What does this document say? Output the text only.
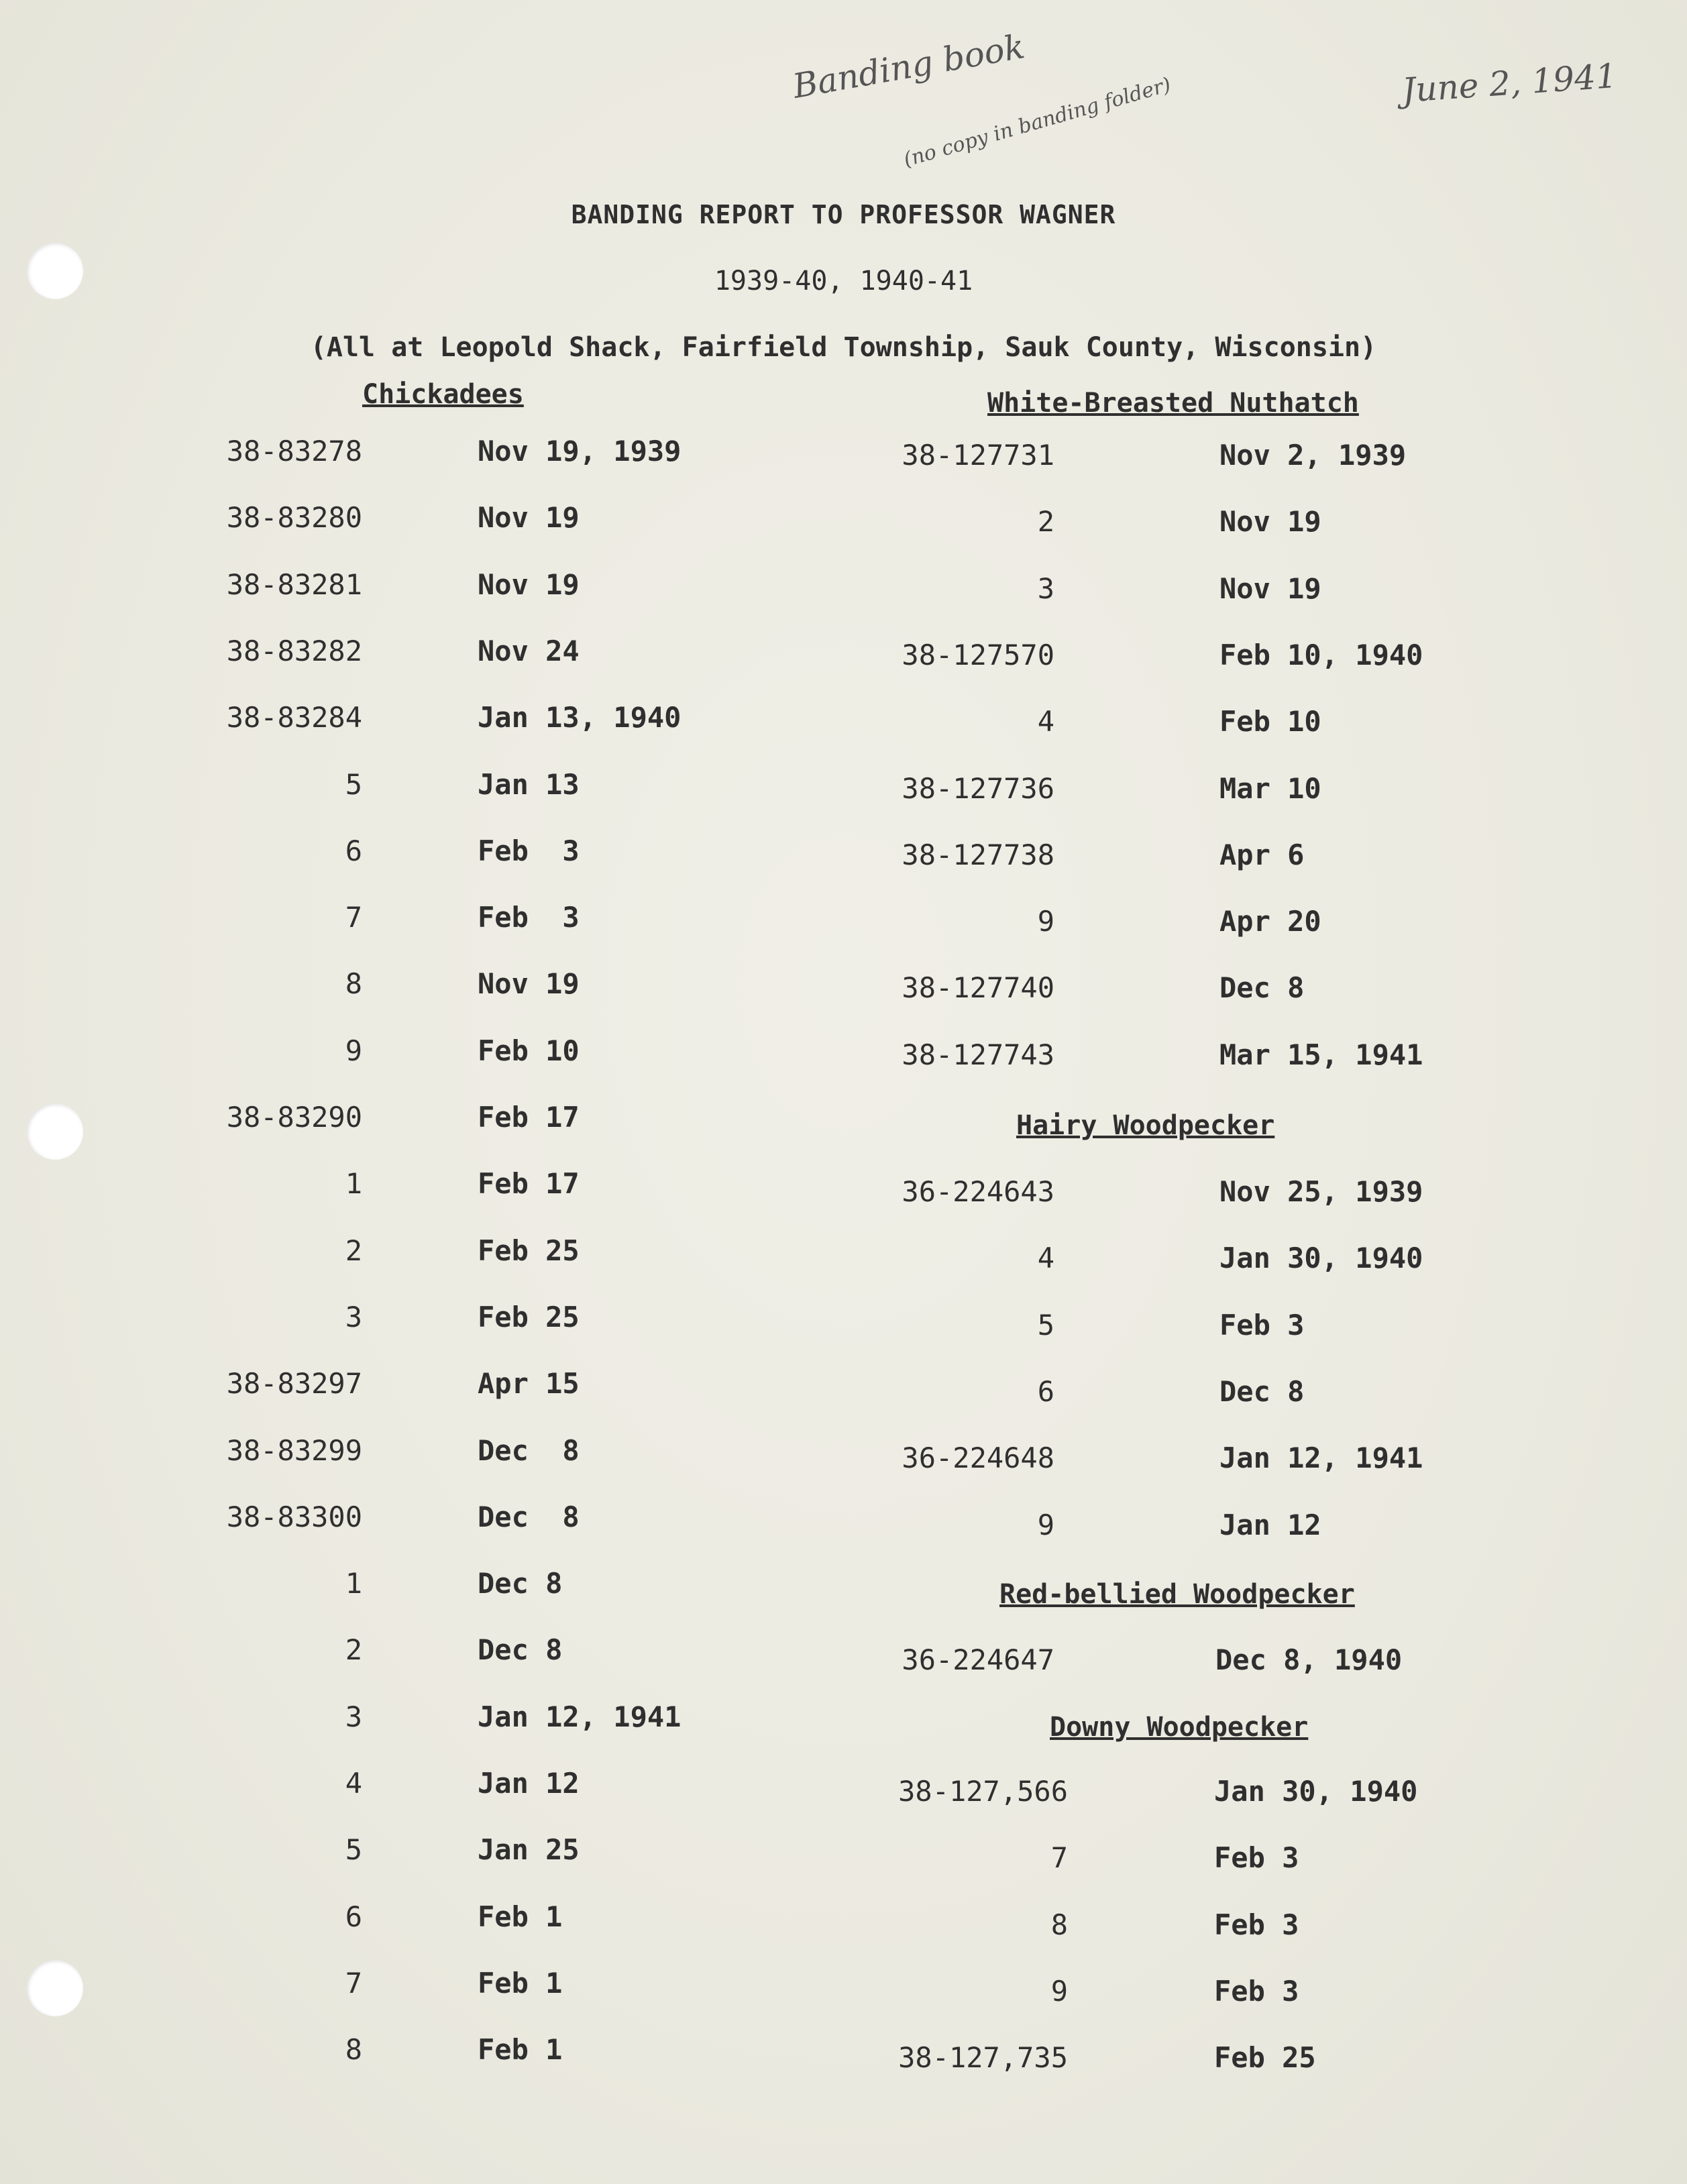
Banding book
(no copy in banding folder)	June 2, 1941
BANDING REPORT TO PROFESSOR WAGNER
1939-40, 1940-41
(All at Leopold Shack, Fairfield Township, Sauk County, Wisconsin)
Chickadees
38-83278	Nov 19, 1939
38-83280	Nov 19
38-83281	Nov 19
38-83282	Nov 24
38-83284	Jan 13, 1940
5	Jan 13
6	Feb  3
7	Feb  3
8	Nov 19
9	Feb 10
38-83290	Feb 17
1	Feb 17
2	Feb 25
3	Feb 25
38-83297	Apr 15
38-83299	Dec  8
38-83300	Dec  8
1	Dec 8
2	Dec 8
3	Jan 12, 1941
4	Jan 12
5	Jan 25
6	Feb 1
7	Feb 1
8	Feb 1
White-Breasted Nuthatch
38-127731	Nov 2, 1939
2	Nov 19
3	Nov 19
38-127570	Feb 10, 1940
4	Feb 10
38-127736	Mar 10
38-127738	Apr 6
9	Apr 20
38-127740	Dec 8
38-127743	Mar 15, 1941
Hairy Woodpecker
36-224643	Nov 25, 1939
4	Jan 30, 1940
5	Feb 3
6	Dec 8
36-224648	Jan 12, 1941
9	Jan 12
Red-bellied Woodpecker
36-224647	Dec 8, 1940
Downy Woodpecker
38-127,566	Jan 30, 1940
7	Feb 3
8	Feb 3
9	Feb 3
38-127,735	Feb 25
